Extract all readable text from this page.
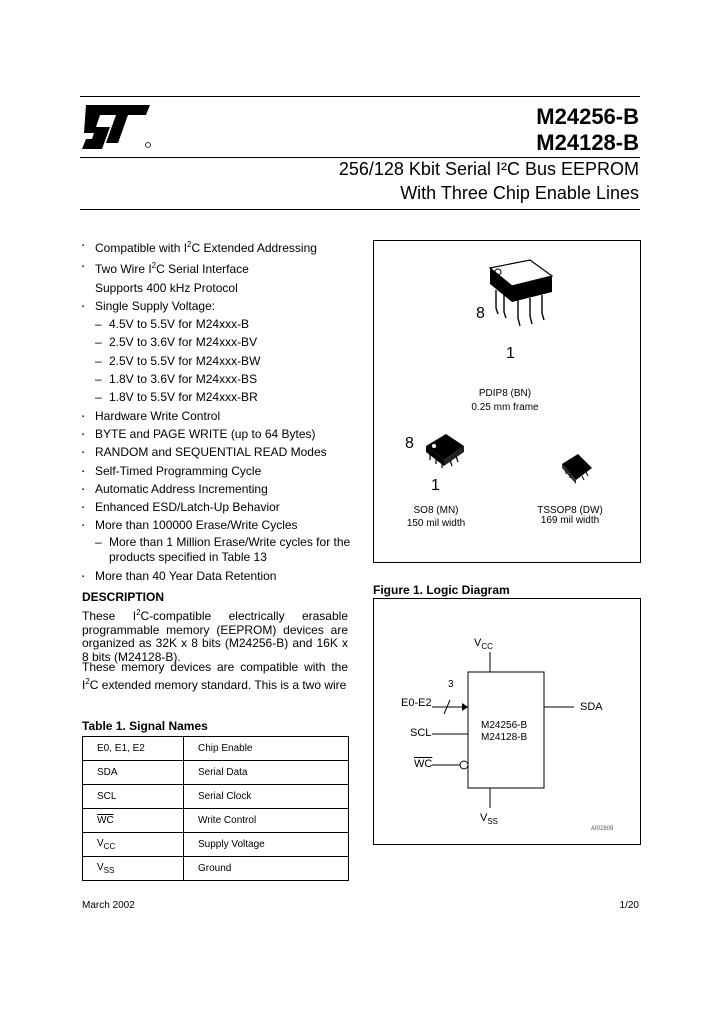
M24256-B
M24128-B
256/128 Kbit Serial I²C Bus EEPROM
With Three Chip Enable Lines
▪ Compatible with $I^2C$ Extended Addressing
▪ Two Wire $I^2C$ Serial Interface
Supports 400 kHz Protocol
▪ Single Supply Voltage:
– 4.5V to 5.5V for M24xxx-B
– 2.5V to 3.6V for M24xxx-BV
– 2.5V to 5.5V for M24xxx-BW
– 1.8V to 3.6V for M24xxx-BS
– 1.8V to 5.5V for M24xxx-BR
▪ Hardware Write Control
▪ BYTE and PAGE WRITE (up to 64 Bytes)
▪ RANDOM and SEQUENTIAL READ Modes
▪ Self-Timed Programming Cycle
▪ Automatic Address Incrementing
▪ Enhanced ESD/Latch-Up Behavior
▪ More than 100000 Erase/Write Cycles
– More than 1 Million Erase/Write cycles for the
products specified in Table 13
▪ More than 40 Year Data Retention
DESCRIPTION
These $I^2C$-compatible electrically erasable programmable memory (EEPROM) devices are organized as 32K x 8 bits (M24256-B) and 16K x 8 bits (M24128-B).
These memory devices are compatible with the $I^2C$ extended memory standard. This is a two wire
Table 1. Signal Names
E0, E1, E2	Chip Enable
SDA	Serial Data
SCL	Serial Clock
$\overline{WC}$	Write Control
$V_{CC}$	Supply Voltage
$V_{SS}$	Ground
8
1
PDIP8 (BN)
0.25 mm frame
8
1
SO8 (MN)
150 mil width
TSSOP8 (DW)
169 mil width
Figure 1. Logic Diagram
$V_{CC}$
$V_{SS}$
3
E0-E2
SCL
$\overline{WC}$
SDA
M24256-B
M24128-B
AI02809
March 2002	1/20
